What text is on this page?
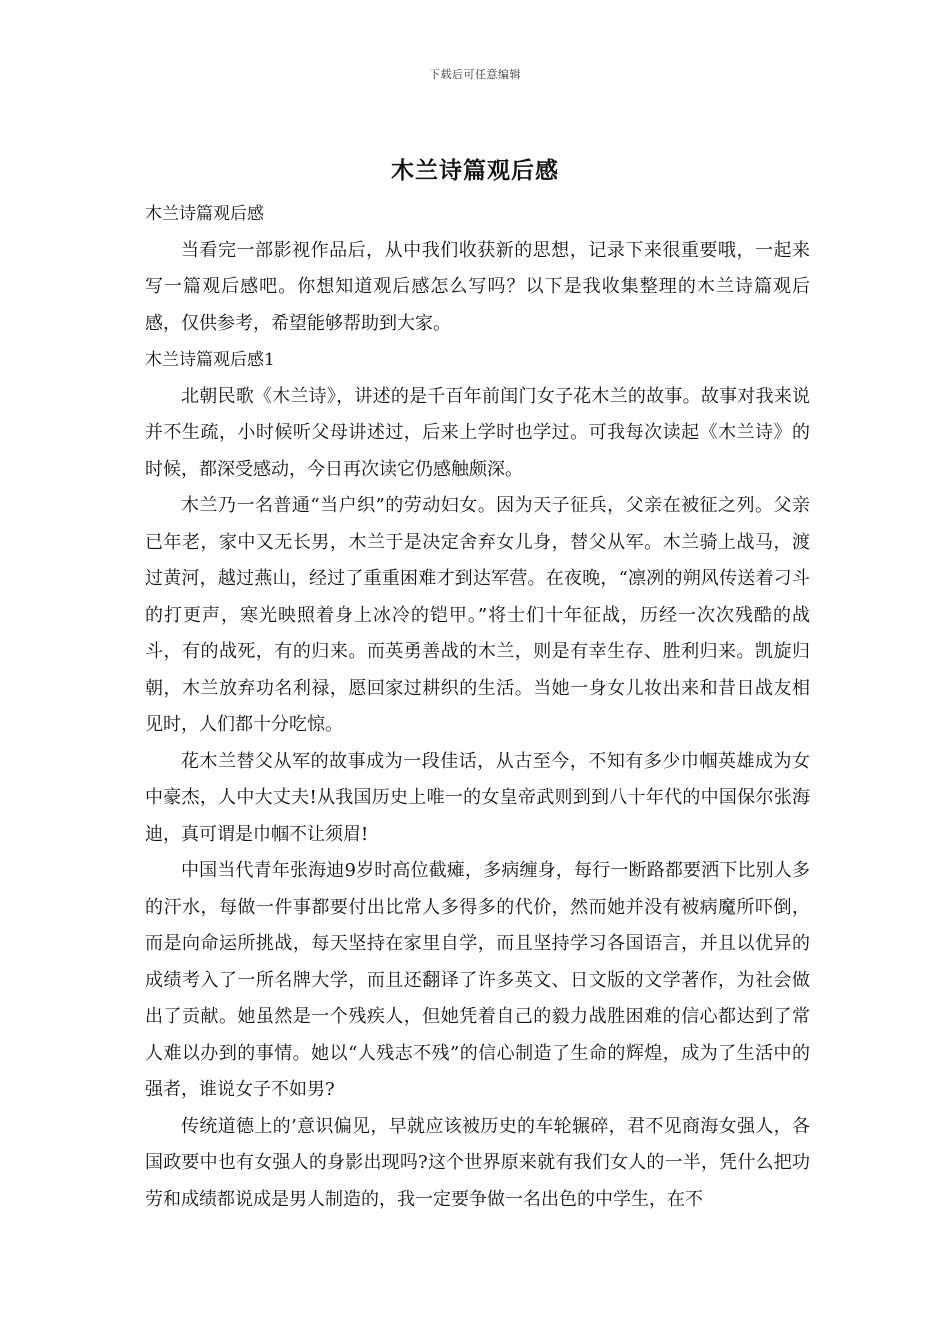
下载后可任意编辑
木兰诗篇观后感

木兰诗篇观后感

当看完一部影视作品后，从中我们收获新的思想，记录下来很重要哦，一起来写一篇观后感吧。你想知道观后感怎么写吗？以下是我收集整理的木兰诗篇观后感，仅供参考，希望能够帮助到大家。

木兰诗篇观后感1

北朝民歌《木兰诗》，讲述的是千百年前闺门女子花木兰的故事。故事对我来说并不生疏，小时候听父母讲述过，后来上学时也学过。可我每次读起《木兰诗》的时候，都深受感动，今日再次读它仍感触颇深。

木兰乃一名普通“当户织”的劳动妇女。因为天子征兵，父亲在被征之列。父亲已年老，家中又无长男，木兰于是决定舍弃女儿身，替父从军。木兰骑上战马，渡过黄河，越过燕山，经过了重重困难才到达军营。在夜晚，“凛冽的朔风传送着刁斗的打更声，寒光映照着身上冰冷的铠甲。”将士们十年征战，历经一次次残酷的战斗，有的战死，有的归来。而英勇善战的木兰，则是有幸生存、胜利归来。凯旋归朝，木兰放弃功名利禄，愿回家过耕织的生活。当她一身女儿妆出来和昔日战友相见时，人们都十分吃惊。

花木兰替父从军的故事成为一段佳话，从古至今，不知有多少巾帼英雄成为女中豪杰，人中大丈夫!从我国历史上唯一的女皇帝武则到到八十年代的中国保尔张海迪，真可谓是巾帼不让须眉!

中国当代青年张海迪9岁时高位截瘫，多病缠身，每行一断路都要洒下比别人多的汗水，每做一件事都要付出比常人多得多的代价，然而她并没有被病魔所吓倒，而是向命运所挑战，每天坚持在家里自学，而且坚持学习各国语言，并且以优异的成绩考入了一所名牌大学，而且还翻译了许多英文、日文版的文学著作，为社会做出了贡献。她虽然是一个残疾人，但她凭着自己的毅力战胜困难的信心都达到了常人难以办到的事情。她以“人残志不残”的信心制造了生命的辉煌，成为了生活中的强者，谁说女子不如男?

传统道德上的’意识偏见，早就应该被历史的车轮辗碎，君不见商海女强人，各国政要中也有女强人的身影出现吗?这个世界原来就有我们女人的一半，凭什么把功劳和成绩都说成是男人制造的，我一定要争做一名出色的中学生，在不
